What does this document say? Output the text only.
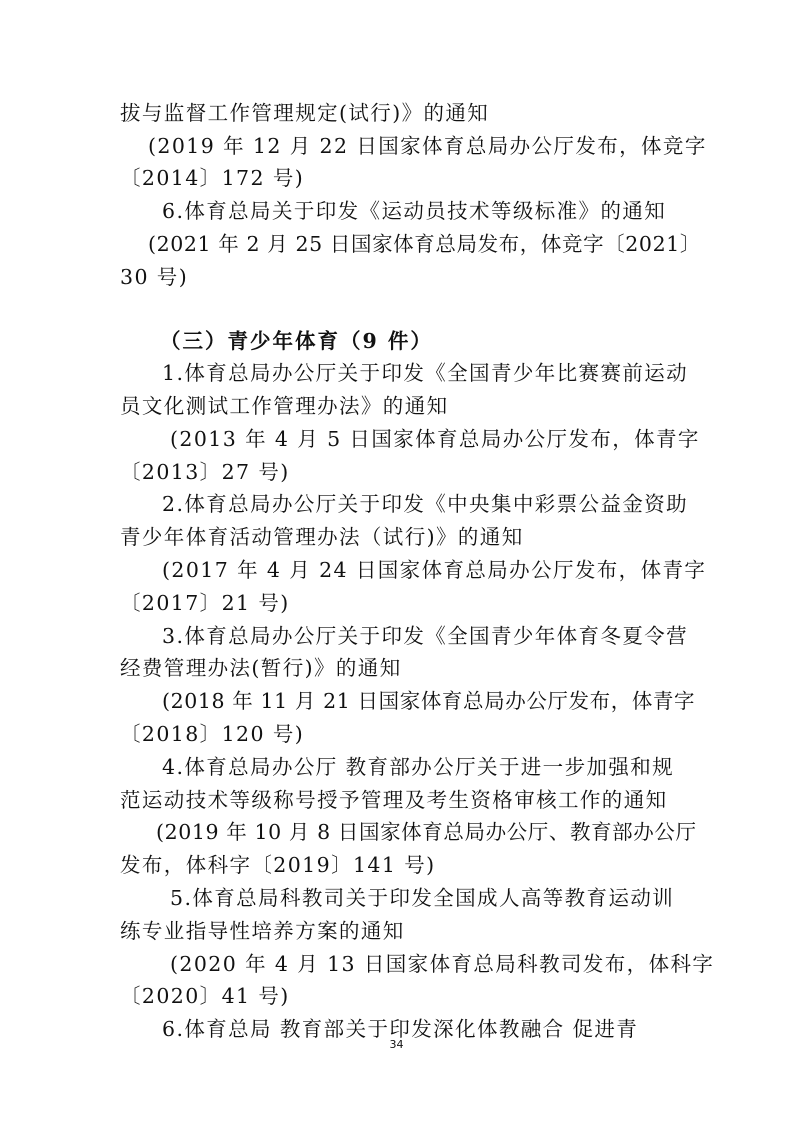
拔与监督工作管理规定(试行)》的通知
(2019 年 12 月 22 日国家体育总局办公厅发布，体竞字
〔2014〕172 号)
6.体育总局关于印发《运动员技术等级标准》的通知
(2021 年 2 月 25 日国家体育总局发布，体竞字〔2021〕
30 号)
（三）青少年体育（9 件）
1.体育总局办公厅关于印发《全国青少年比赛赛前运动
员文化测试工作管理办法》的通知
(2013 年 4 月 5 日国家体育总局办公厅发布，体青字
〔2013〕27 号)
2.体育总局办公厅关于印发《中央集中彩票公益金资助
青少年体育活动管理办法（试行)》的通知
(2017 年 4 月 24 日国家体育总局办公厅发布，体青字
〔2017〕21 号)
3.体育总局办公厅关于印发《全国青少年体育冬夏令营
经费管理办法(暂行)》的通知
(2018 年 11 月 21 日国家体育总局办公厅发布，体青字
〔2018〕120 号)
4.体育总局办公厅 教育部办公厅关于进一步加强和规
范运动技术等级称号授予管理及考生资格审核工作的通知
(2019 年 10 月 8 日国家体育总局办公厅、教育部办公厅
发布，体科字〔2019〕141 号)
5.体育总局科教司关于印发全国成人高等教育运动训
练专业指导性培养方案的通知
(2020 年 4 月 13 日国家体育总局科教司发布，体科字
〔2020〕41 号)
6.体育总局 教育部关于印发深化体教融合 促进青
34
